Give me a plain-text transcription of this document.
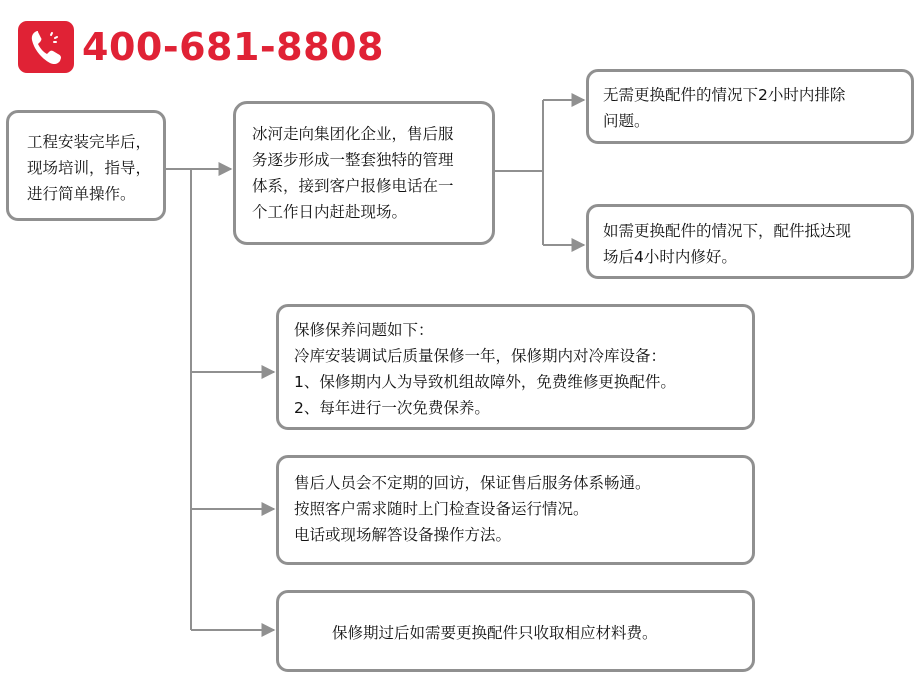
400-681-8808
工程安装完毕后，
现场培训，指导，
进行简单操作。
冰河走向集团化企业，售后服
务逐步形成一整套独特的管理
体系，接到客户报修电话在一
个工作日内赶赴现场。
无需更换配件的情况下2小时内排除
问题。
如需更换配件的情况下，配件抵达现
场后4小时内修好。
保修保养问题如下：
冷库安装调试后质量保修一年，保修期内对冷库设备：
1、保修期内人为导致机组故障外，免费维修更换配件。
2、每年进行一次免费保养。
售后人员会不定期的回访，保证售后服务体系畅通。
按照客户需求随时上门检查设备运行情况。
电话或现场解答设备操作方法。
保修期过后如需要更换配件只收取相应材料费。
